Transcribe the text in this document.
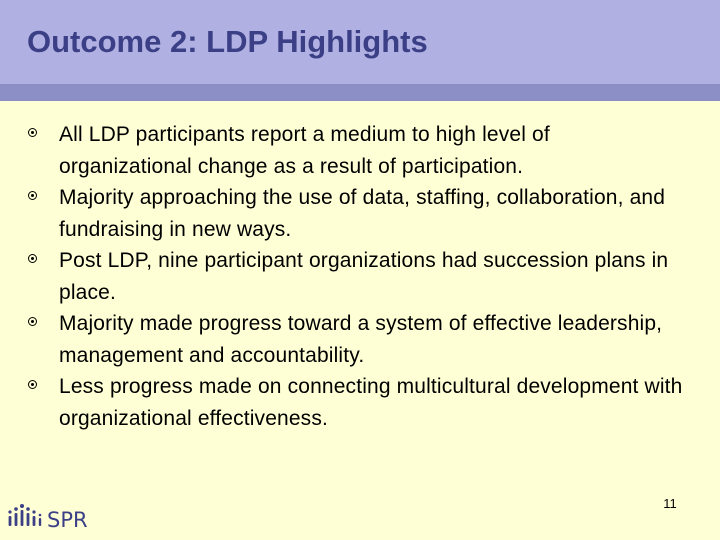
Outcome 2: LDP Highlights
All LDP participants report a medium to high level of organizational change as a result of participation.
Majority approaching the use of data, staffing, collaboration, and fundraising in new ways.
Post LDP, nine participant organizations had succession plans in place.
Majority made progress toward a system of effective leadership, management and accountability.
Less progress made on connecting multicultural development with organizational effectiveness.
11
SPR
